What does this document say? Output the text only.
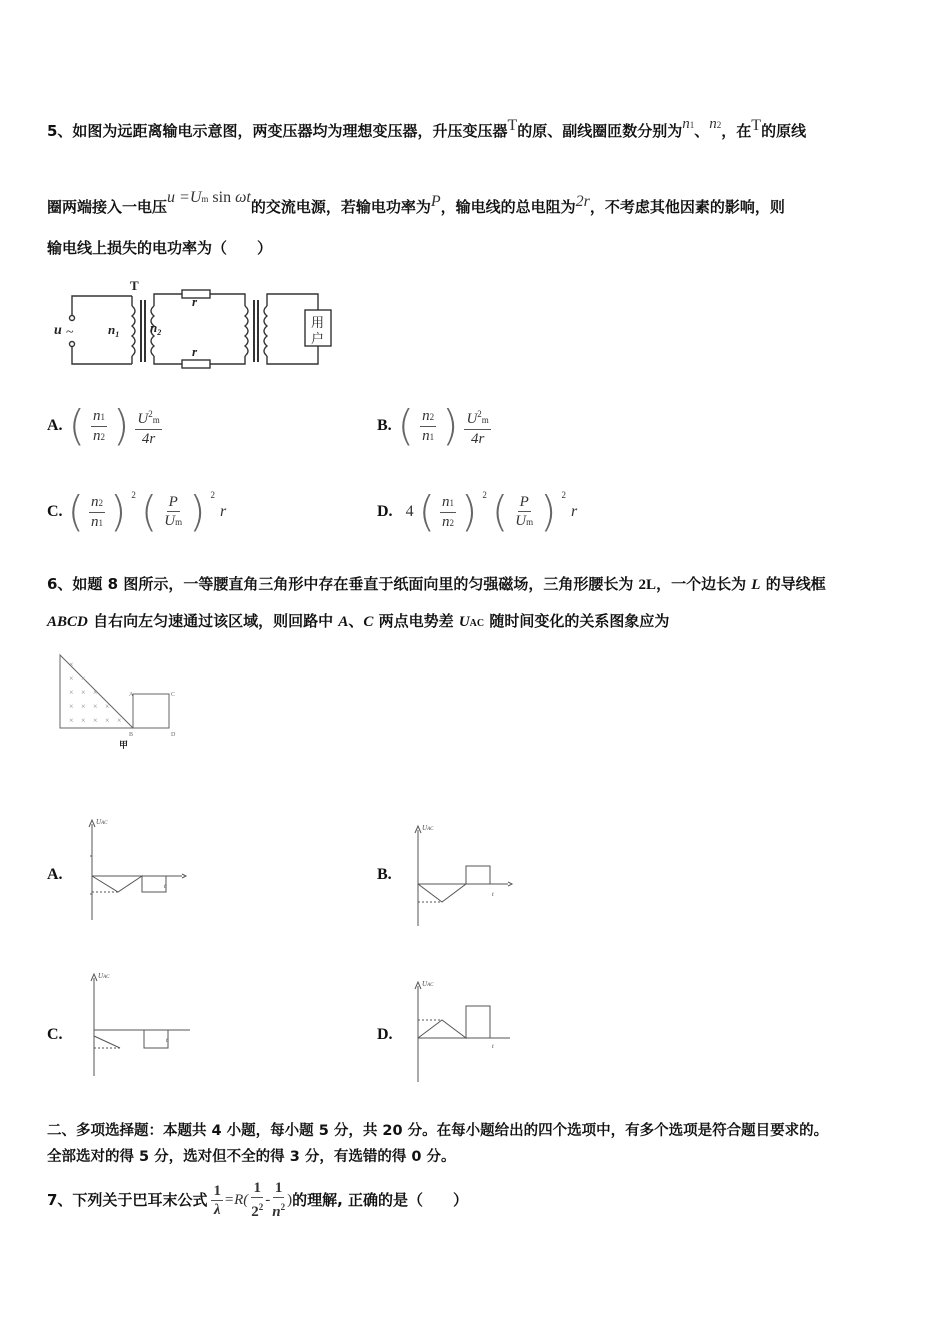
5、如图为远距离输电示意图，两变压器均为理想变压器，升压变压器T的原、副线圈匝数分别为n1、n2，在T的原线
圈两端接入一电压u =Um sin ωt的交流电源，若输电功率为P，输电线的总电阻为2r，不考虑其他因素的影响，则
输电线上损失的电功率为（　　）
u ~
T
$n_1$ $n_2$
r
r
用
户
A. ( $\frac{n1}{n2}$ ) $\frac{U^2m}{4r}$	B. ( $\frac{n2}{n1}$ ) $\frac{U^2m}{4r}$
C. ( $\frac{n2}{n1}$ ) 2 ( $\frac{P}{Um}$ ) 2
r	D. 4 ( $\frac{n1}{n2}$ ) 2 ( $\frac{P}{Um}$ ) 2
r
6、如题 8 图所示，一等腰直角三角形中存在垂直于纸面向里的匀强磁场，三角形腰长为 2L，一个边长为 L 的导线框
ABCD 自右向左匀速通过该区域，则回路中 A、C 两点电势差 UAC 随时间变化的关系图象应为
×
× ×
× × ×
× × × ×
× × × × ×
A
B
C
D
甲
A.
UAC
t
B.
UAC
t
C.
UAC
t	D.
UAC
t
二、多项选择题：本题共 4 小题，每小题 5 分，共 20 分。在每小题给出的四个选项中，有多个选项是符合题目要求的。
全部选对的得 5 分，选对但不全的得 3 分，有选错的得 0 分。
7、下列关于巴耳末公式 $\frac{1}{\lambda} =R( \frac{1}{2^2} - \frac{1}{n^2}$ ) 的理解, 正确的是（　　）
